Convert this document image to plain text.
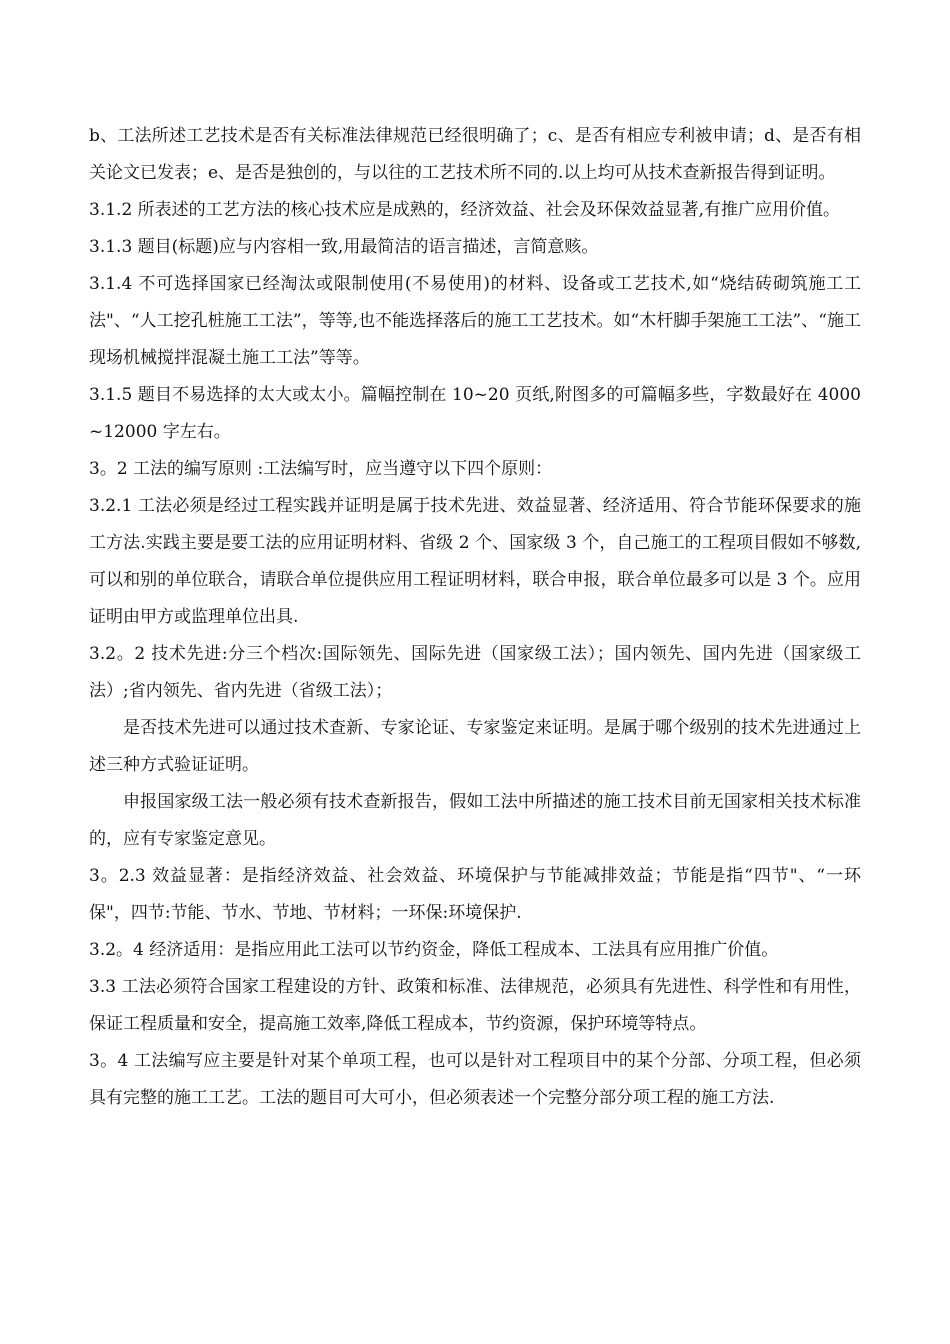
b、工法所述工艺技术是否有关标准法律规范已经很明确了；c、是否有相应专利被申请；d、是否有相关论文已发表；e、是否是独创的，与以往的工艺技术所不同的.以上均可从技术查新报告得到证明。

3.1.2 所表述的工艺方法的核心技术应是成熟的，经济效益、社会及环保效益显著,有推广应用价值。

3.1.3 题目(标题)应与内容相一致,用最简洁的语言描述，言简意赅。

3.1.4 不可选择国家已经淘汰或限制使用(不易使用)的材料、设备或工艺技术,如“烧结砖砌筑施工工法"、“人工挖孔桩施工工法”，等等,也不能选择落后的施工工艺技术。如“木杆脚手架施工工法”、“施工现场机械搅拌混凝土施工工法”等等。

3.1.5 题目不易选择的太大或太小。篇幅控制在 10~20 页纸,附图多的可篇幅多些，字数最好在 4000~12000 字左右。

3。2 工法的编写原则 :工法编写时，应当遵守以下四个原则：

3.2.1 工法必须是经过工程实践并证明是属于技术先进、效益显著、经济适用、符合节能环保要求的施工方法.实践主要是要工法的应用证明材料、省级 2 个、国家级 3 个，自己施工的工程项目假如不够数,可以和别的单位联合，请联合单位提供应用工程证明材料，联合申报，联合单位最多可以是 3 个。应用证明由甲方或监理单位出具.

3.2。2 技术先进:分三个档次:国际领先、国际先进（国家级工法）；国内领先、国内先进（国家级工法）;省内领先、省内先进（省级工法）；

是否技术先进可以通过技术查新、专家论证、专家鉴定来证明。是属于哪个级别的技术先进通过上述三种方式验证证明。

申报国家级工法一般必须有技术查新报告，假如工法中所描述的施工技术目前无国家相关技术标准的，应有专家鉴定意见。

3。2.3 效益显著：是指经济效益、社会效益、环境保护与节能减排效益；节能是指“四节"、“一环保"，四节:节能、节水、节地、节材料；一环保:环境保护.

3.2。4 经济适用：是指应用此工法可以节约资金，降低工程成本、工法具有应用推广价值。

3.3 工法必须符合国家工程建设的方针、政策和标准、法律规范，必须具有先进性、科学性和有用性，保证工程质量和安全，提高施工效率,降低工程成本，节约资源，保护环境等特点。

3。4 工法编写应主要是针对某个单项工程，也可以是针对工程项目中的某个分部、分项工程，但必须具有完整的施工工艺。工法的题目可大可小，但必须表述一个完整分部分项工程的施工方法.
